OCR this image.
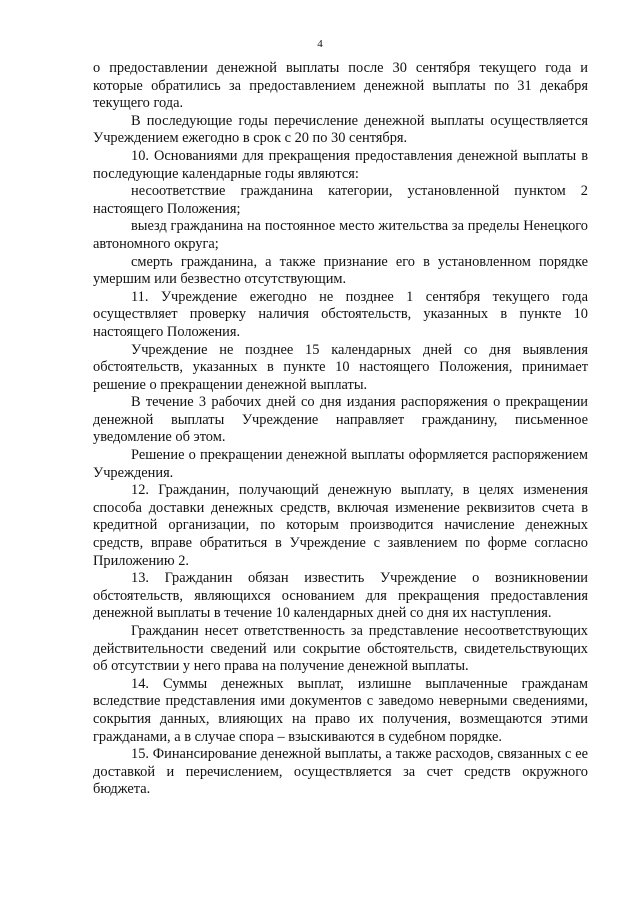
4

о предоставлении денежной выплаты после 30 сентября текущего года и которые обратились за предоставлением денежной выплаты по 31 декабря текущего года.

В последующие годы перечисление денежной выплаты осуществляется Учреждением ежегодно в срок с 20 по 30 сентября.

10. Основаниями для прекращения предоставления денежной выплаты в последующие календарные годы являются:

несоответствие гражданина категории, установленной пунктом 2 настоящего Положения;

выезд гражданина на постоянное место жительства за пределы Ненецкого автономного округа;

смерть гражданина, а также признание его в установленном порядке умершим или безвестно отсутствующим.

11. Учреждение ежегодно не позднее 1 сентября текущего года осуществляет проверку наличия обстоятельств, указанных в пункте 10 настоящего Положения.

Учреждение не позднее 15 календарных дней со дня выявления обстоятельств, указанных в пункте 10 настоящего Положения, принимает решение о прекращении денежной выплаты.

В течение 3 рабочих дней со дня издания распоряжения о прекращении денежной выплаты Учреждение направляет гражданину, письменное уведомление об этом.

Решение о прекращении денежной выплаты оформляется распоряжением Учреждения.

12. Гражданин, получающий денежную выплату, в целях изменения способа доставки денежных средств, включая изменение реквизитов счета в кредитной организации, по которым производится начисление денежных средств, вправе обратиться в Учреждение с заявлением по форме согласно Приложению 2.

13. Гражданин обязан известить Учреждение о возникновении обстоятельств, являющихся основанием для прекращения предоставления денежной выплаты в течение 10 календарных дней со дня их наступления.

Гражданин несет ответственность за представление несоответствующих действительности сведений или сокрытие обстоятельств, свидетельствующих об отсутствии у него права на получение денежной выплаты.

14. Суммы денежных выплат, излишне выплаченные гражданам вследствие представления ими документов с заведомо неверными сведениями, сокрытия данных, влияющих на право их получения, возмещаются этими гражданами, а в случае спора – взыскиваются в судебном порядке.

15. Финансирование денежной выплаты, а также расходов, связанных с ее доставкой и перечислением, осуществляется за счет средств окружного бюджета.
